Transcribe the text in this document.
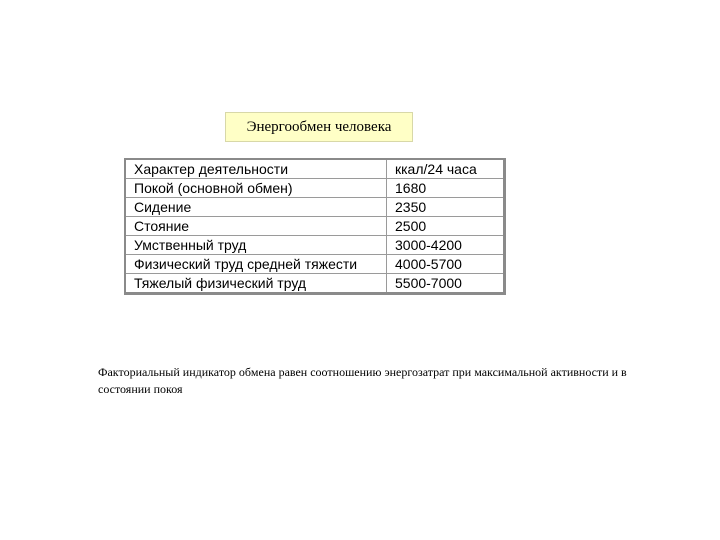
Энергообмен человека
Характер деятельности	ккал/24 часа
Покой (основной обмен)	1680
Сидение	2350
Стояние	2500
Умственный труд	3000-4200
Физический труд средней тяжести	4000-5700
Тяжелый физический труд	5500-7000
Факториальный индикатор обмена равен соотношению энергозатрат при максимальной активности и в состоянии покоя
